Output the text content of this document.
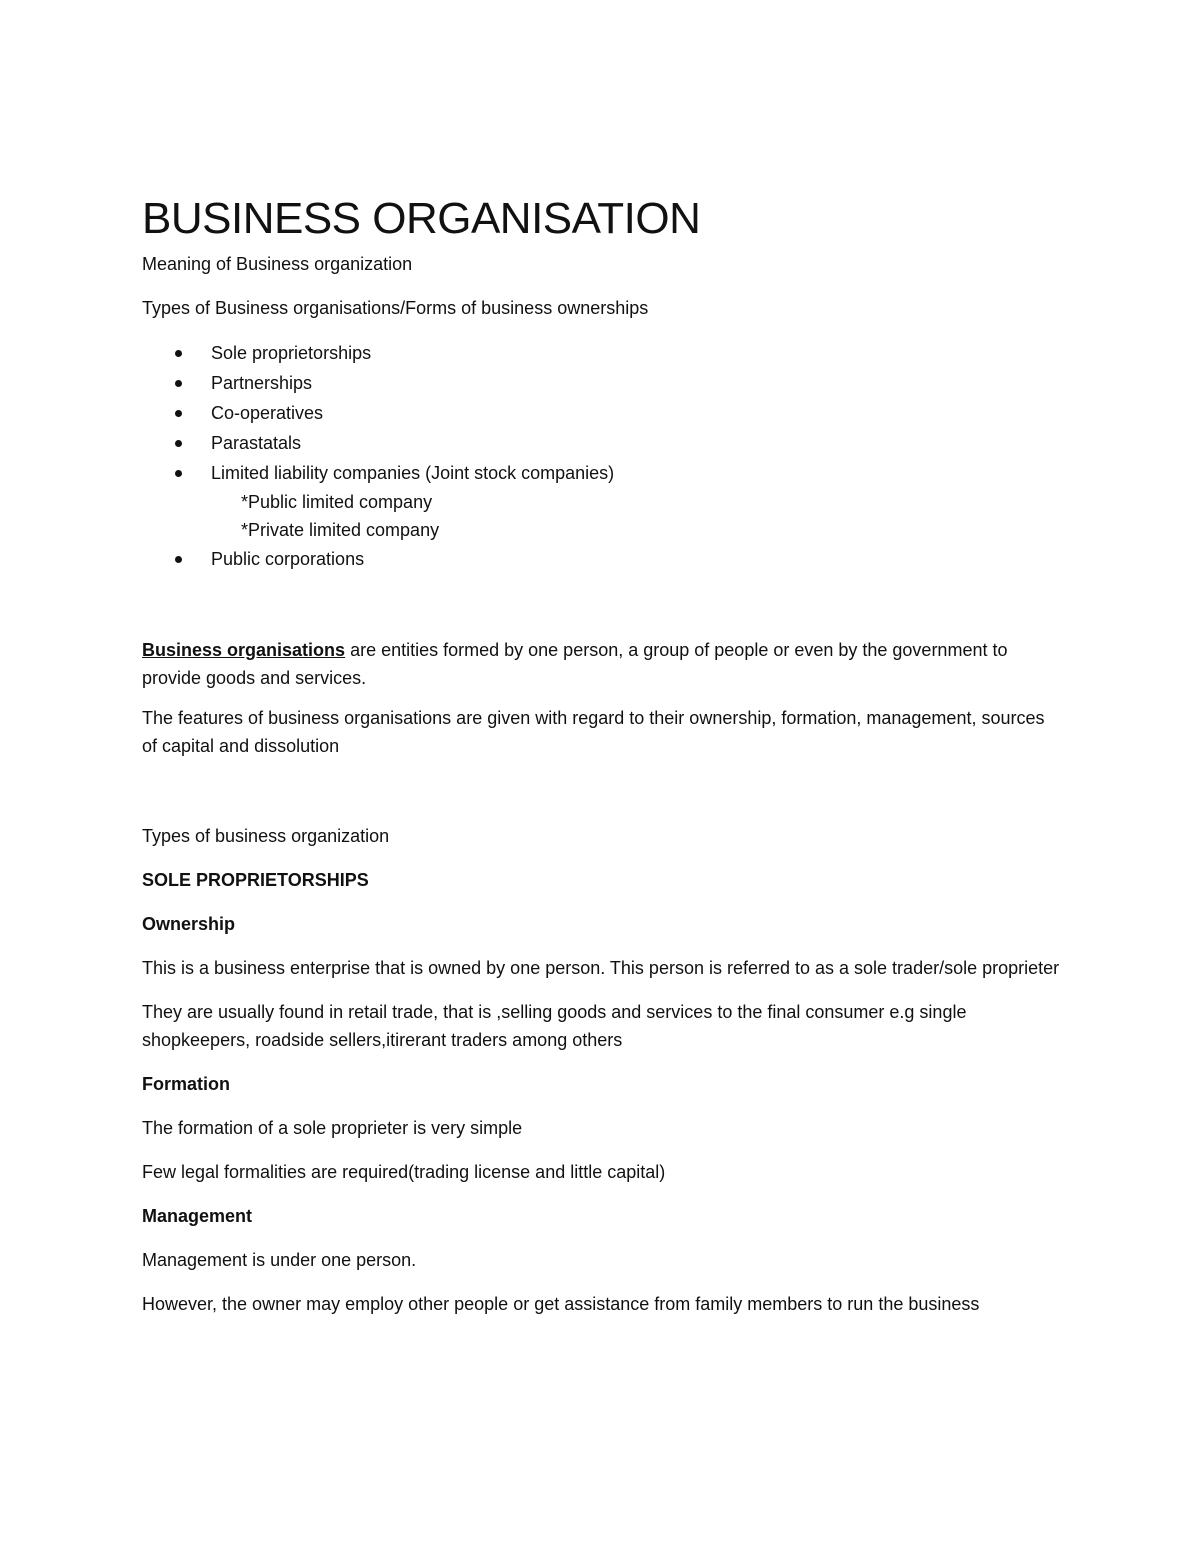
BUSINESS ORGANISATION

Meaning of Business organization

Types of Business organisations/Forms of business ownerships

Sole proprietorships
Partnerships
Co-operatives
Parastatals
Limited liability companies (Joint stock companies)
*Public limited company
*Private limited company
Public corporations

Business organisations are entities formed by one person, a group of people or even by the government to provide goods and services.

The features of business organisations are given with regard to their ownership, formation, management, sources of capital and dissolution

Types of business organization

SOLE PROPRIETORSHIPS

Ownership

This is a business enterprise that is owned by one person. This person is referred to as a sole trader/sole proprieter

They are usually found in retail trade, that is ,selling goods and services to the final consumer e.g single shopkeepers, roadside sellers,itirerant traders among others

Formation

The formation of a sole proprieter is very simple

Few legal formalities are required(trading license and little capital)

Management

Management is under one person.

However, the owner may employ other people or get assistance from family members to run the business
